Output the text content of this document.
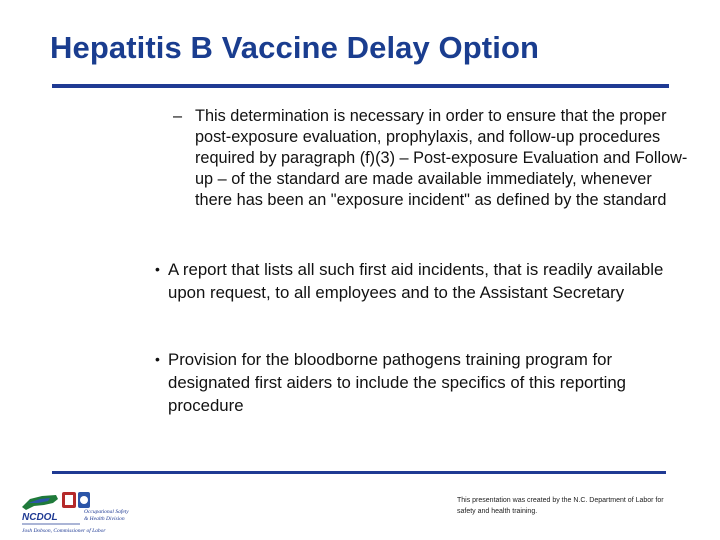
Hepatitis B Vaccine Delay Option
– This determination is necessary in order to ensure that the proper post-exposure evaluation, prophylaxis, and follow-up procedures required by paragraph (f)(3) – Post-exposure Evaluation and Follow-up – of the standard are made available immediately, whenever there has been an "exposure incident" as defined by the standard
• A report that lists all such first aid incidents, that is readily available upon request, to all employees and to the Assistant Secretary
• Provision for the bloodborne pathogens training program for designated first aiders to include the specifics of this reporting procedure
NCDOL	Occupational Safety
& Health Division
Josh Dobson, Commissioner of Labor
This presentation was created by the N.C. Department of Labor for safety and health training.
